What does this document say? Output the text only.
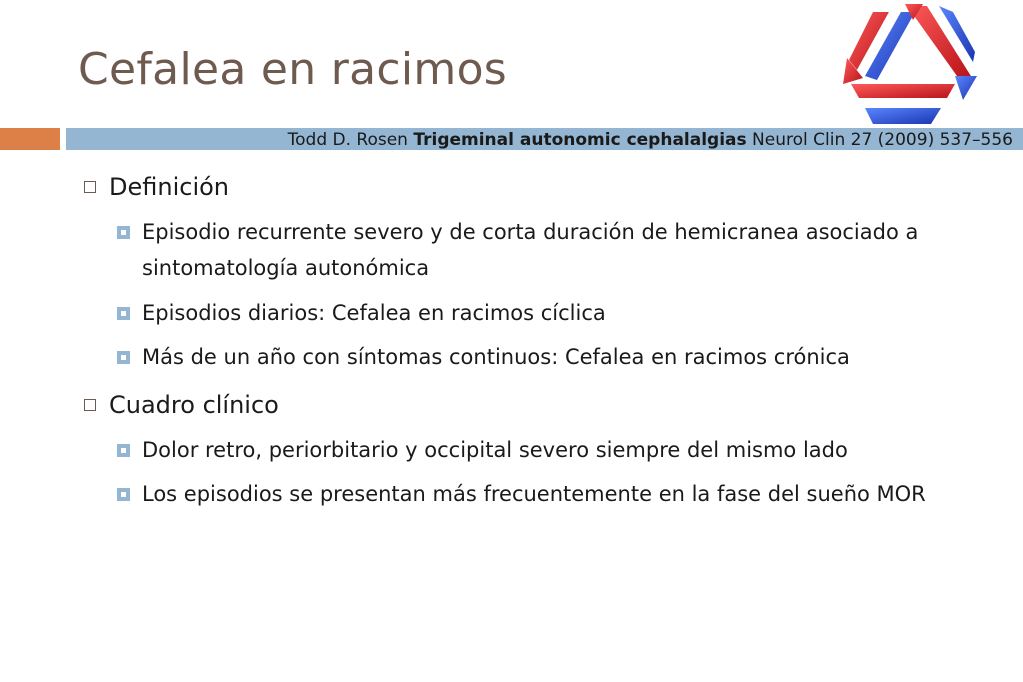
Cefalea en racimos
Todd D. Rosen Trigeminal autonomic cephalalgias Neurol Clin 27 (2009) 537–556
Definición
Episodio recurrente severo y de corta duración de hemicranea asociado a sintomatología autonómica
Episodios diarios: Cefalea en racimos cíclica
Más de un año con síntomas continuos: Cefalea en racimos crónica
Cuadro clínico
Dolor retro, periorbitario y occipital severo siempre del mismo lado
Los episodios se presentan más frecuentemente en la fase del sueño MOR
